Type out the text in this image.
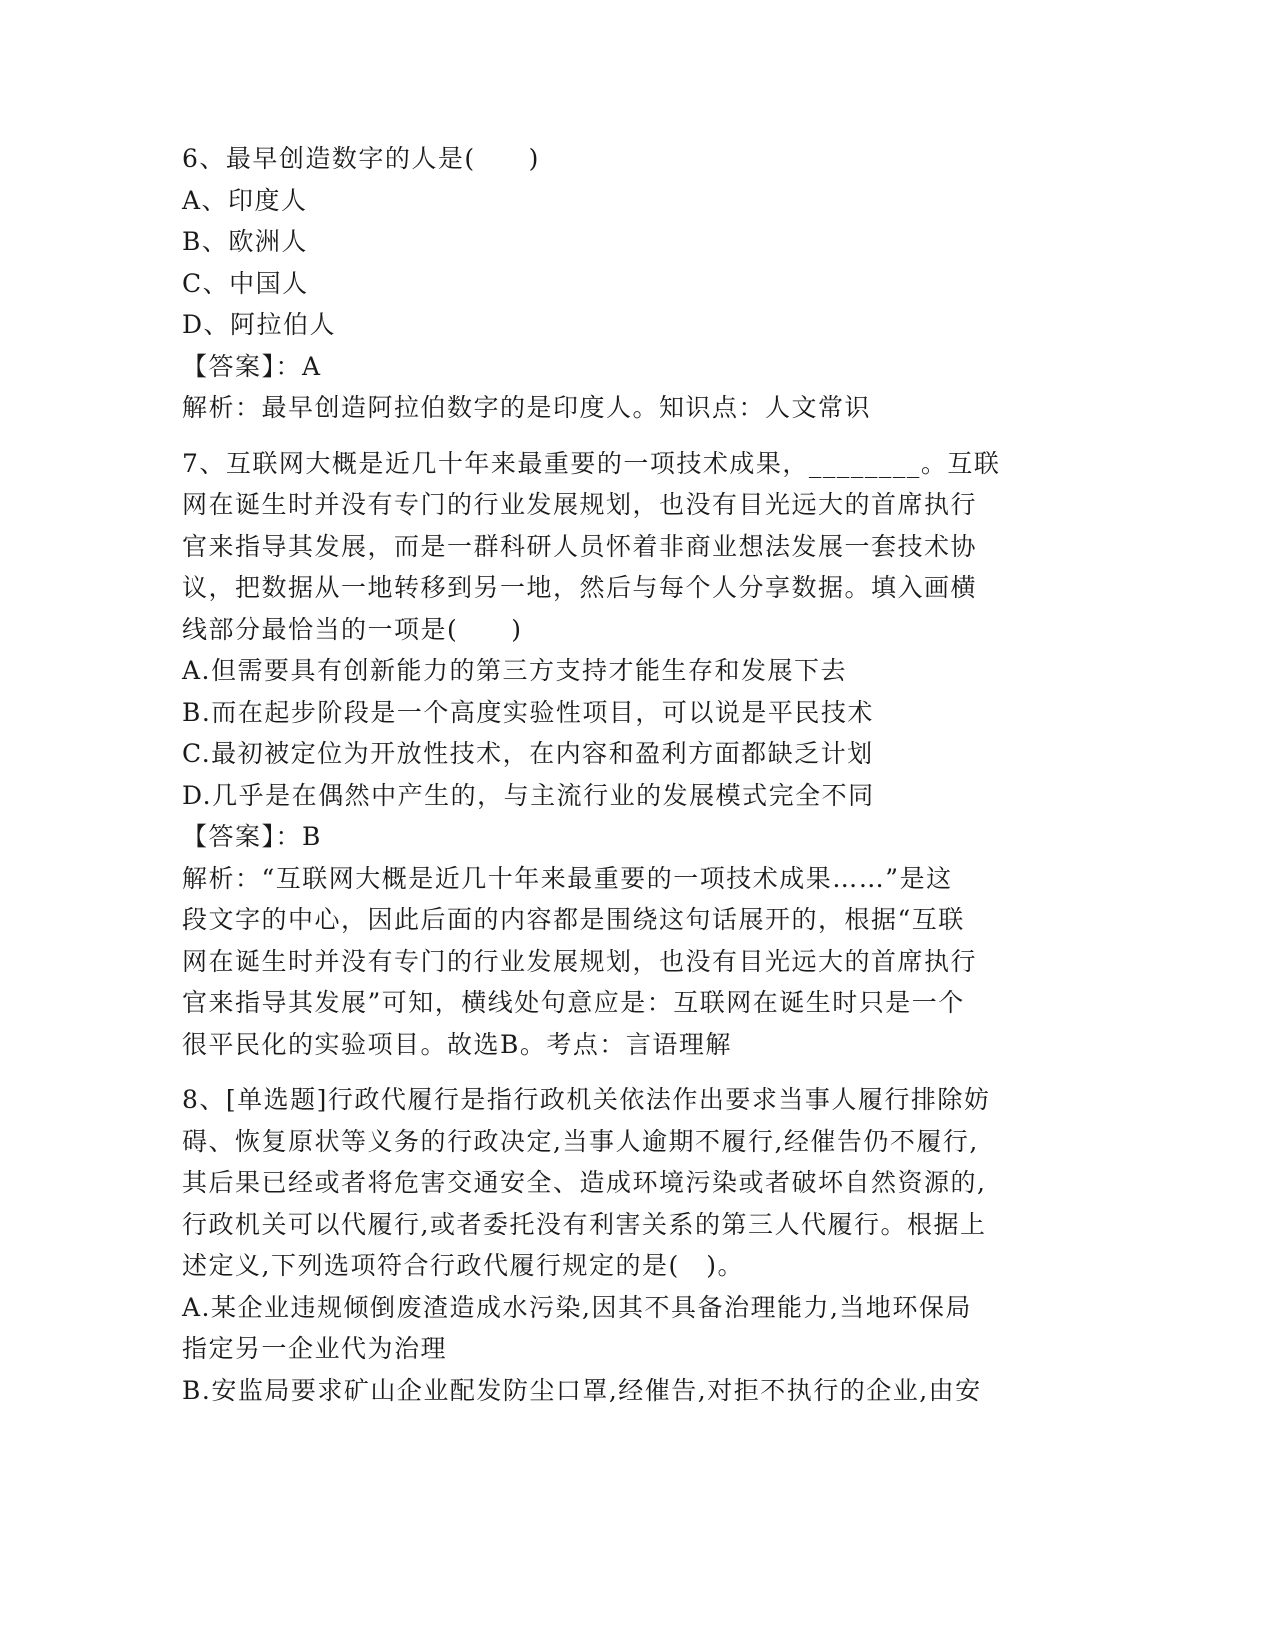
6、最早创造数字的人是(　　)
A、印度人
B、欧洲人
C、中国人
D、阿拉伯人
【答案】：A
解析：最早创造阿拉伯数字的是印度人。知识点：人文常识
7、互联网大概是近几十年来最重要的一项技术成果，________。互联
网在诞生时并没有专门的行业发展规划，也没有目光远大的首席执行
官来指导其发展，而是一群科研人员怀着非商业想法发展一套技术协
议，把数据从一地转移到另一地，然后与每个人分享数据。填入画横
线部分最恰当的一项是(　　)
A.但需要具有创新能力的第三方支持才能生存和发展下去
B.而在起步阶段是一个高度实验性项目，可以说是平民技术
C.最初被定位为开放性技术，在内容和盈利方面都缺乏计划
D.几乎是在偶然中产生的，与主流行业的发展模式完全不同
【答案】：B
解析：“互联网大概是近几十年来最重要的一项技术成果……”是这
段文字的中心，因此后面的内容都是围绕这句话展开的，根据“互联
网在诞生时并没有专门的行业发展规划，也没有目光远大的首席执行
官来指导其发展”可知，横线处句意应是：互联网在诞生时只是一个
很平民化的实验项目。故选B。考点：言语理解
8、[单选题]行政代履行是指行政机关依法作出要求当事人履行排除妨
碍、恢复原状等义务的行政决定,当事人逾期不履行,经催告仍不履行,
其后果已经或者将危害交通安全、造成环境污染或者破坏自然资源的,
行政机关可以代履行,或者委托没有利害关系的第三人代履行。根据上
述定义,下列选项符合行政代履行规定的是(　)。
A.某企业违规倾倒废渣造成水污染,因其不具备治理能力,当地环保局
指定另一企业代为治理
B.安监局要求矿山企业配发防尘口罩,经催告,对拒不执行的企业,由安
